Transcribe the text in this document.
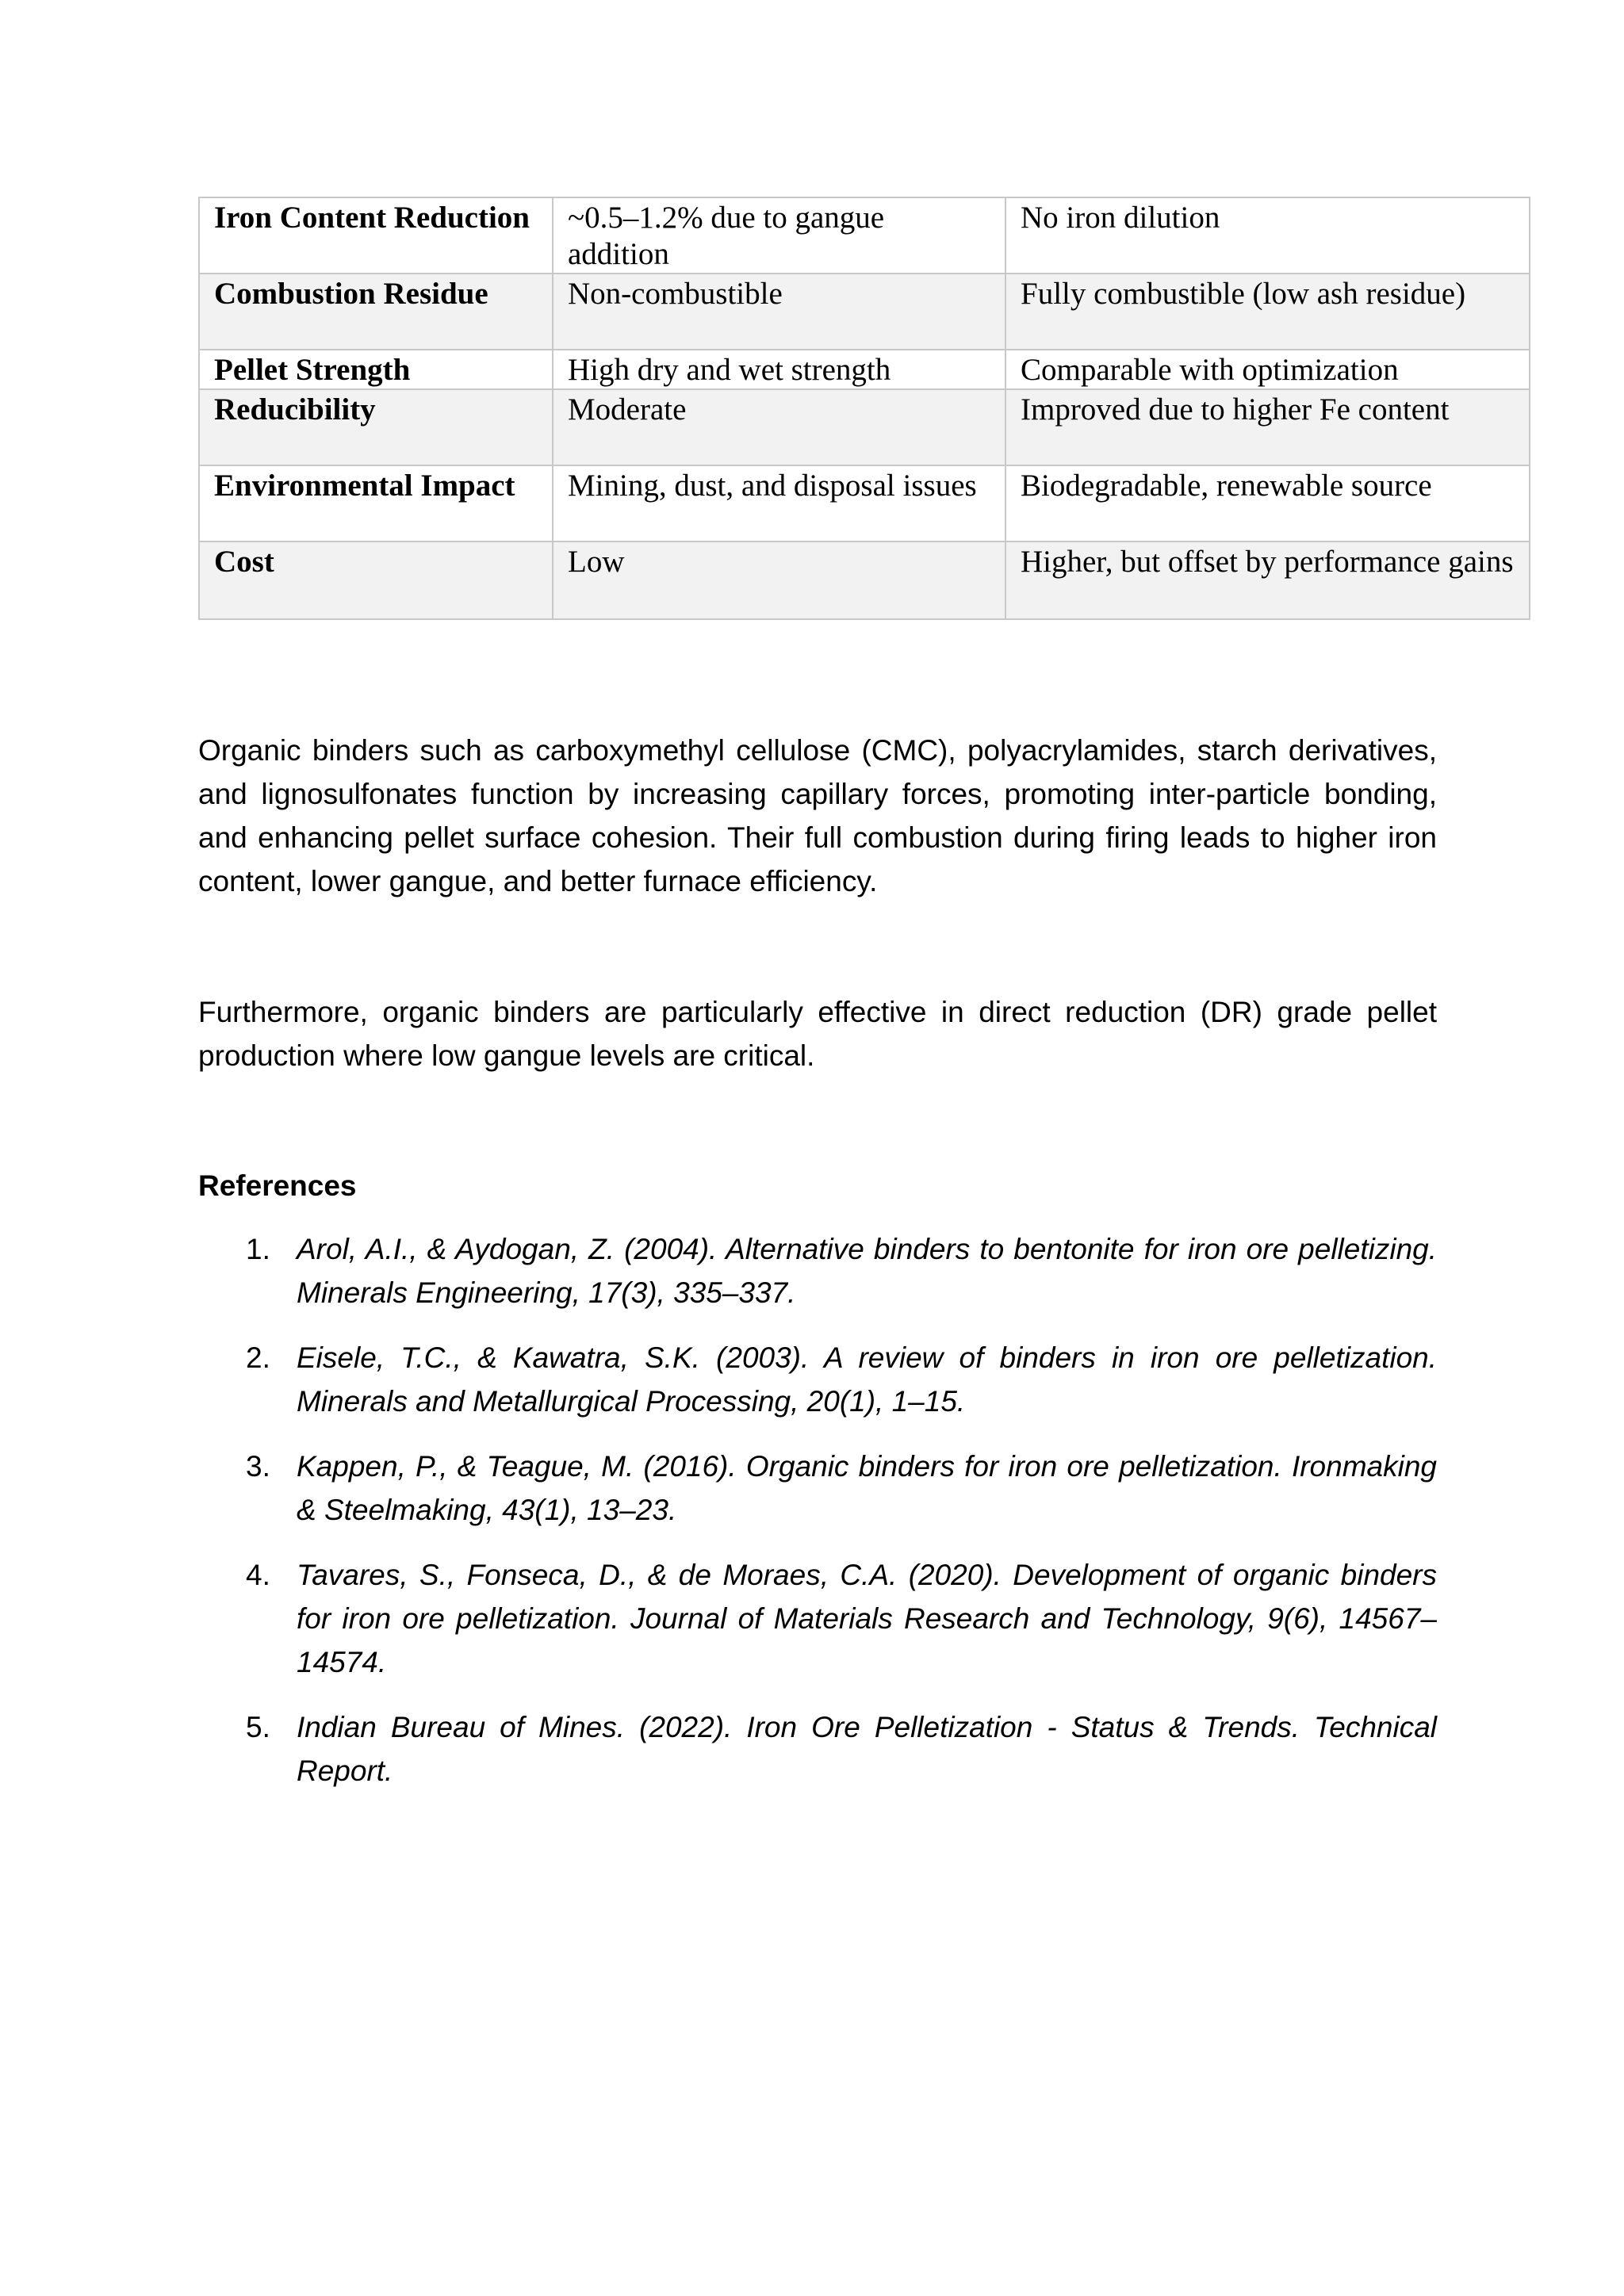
Iron Content Reduction	~0.5–1.2% due to gangue addition	No iron dilution
Combustion Residue	Non-combustible	Fully combustible (low ash residue)
Pellet Strength	High dry and wet strength	Comparable with optimization
Reducibility	Moderate	Improved due to higher Fe content
Environmental Impact	Mining, dust, and disposal issues	Biodegradable, renewable source
Cost	Low	Higher, but offset by performance gains

Organic binders such as carboxymethyl cellulose (CMC), polyacrylamides, starch derivatives, and lignosulfonates function by increasing capillary forces, promoting inter-particle bonding, and enhancing pellet surface cohesion. Their full combustion during firing leads to higher iron content, lower gangue, and better furnace efficiency.

Furthermore, organic binders are particularly effective in direct reduction (DR) grade pellet production where low gangue levels are critical.

References
1. Arol, A.I., & Aydogan, Z. (2004). Alternative binders to bentonite for iron ore pelletizing. Minerals Engineering, 17(3), 335–337.
2. Eisele, T.C., & Kawatra, S.K. (2003). A review of binders in iron ore pelletization. Minerals and Metallurgical Processing, 20(1), 1–15.
3. Kappen, P., & Teague, M. (2016). Organic binders for iron ore pelletization. Ironmaking & Steelmaking, 43(1), 13–23.
4. Tavares, S., Fonseca, D., & de Moraes, C.A. (2020). Development of organic binders for iron ore pelletization. Journal of Materials Research and Technology, 9(6), 14567–14574.
5. Indian Bureau of Mines. (2022). Iron Ore Pelletization - Status & Trends. Technical Report.
